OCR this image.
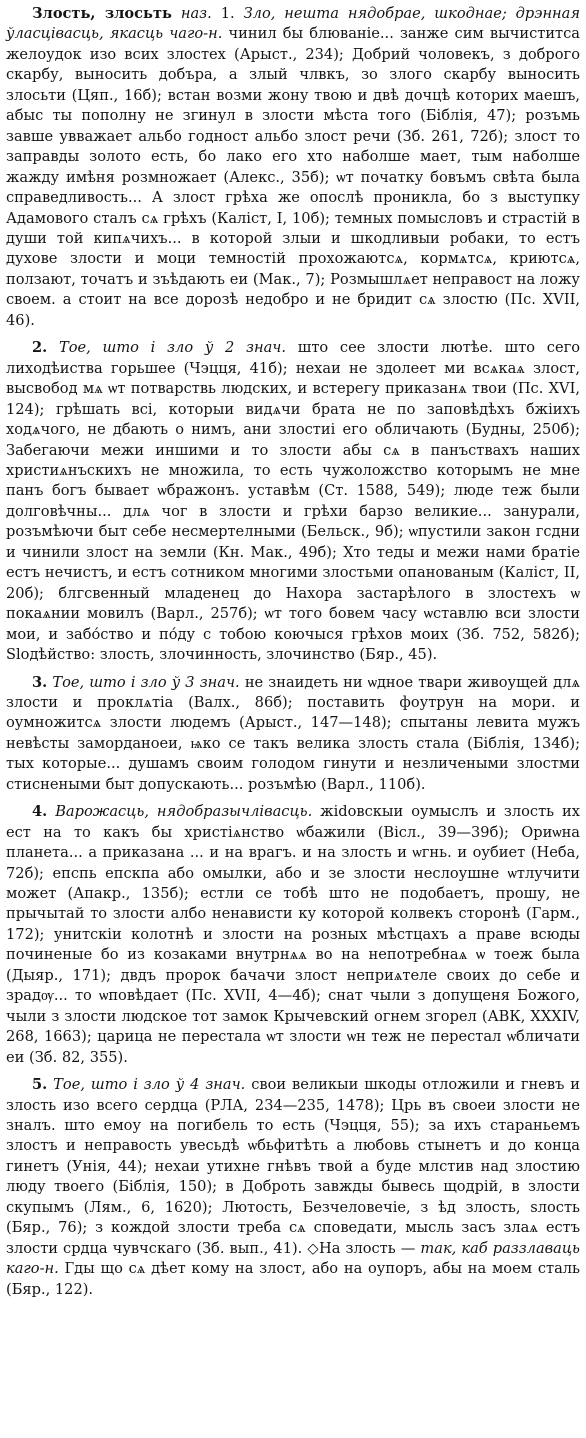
Злость, злосьть наз. 1. Зло, нешта нядобрае, шкоднае; дрэнная ўласцівасць, якасць чаго-н. чинил бы блюваніе... занже сим вычиститса желоудок изо всих злостех (Арыст., 234); Добрий чоловекъ, з доброго скарбу, выносить добъра, а злый члвкъ, зо злого скарбу выносить злосьти (Цяп., 16б); встан возми жону твою и двѣ дочцѣ которих маешъ, абыс ты пополну не згинул в злости мѣста того (Біблія, 47); розъмь завше увважает альбо годност альбо злост речи (Зб. 261, 72б); злост то заправды золото есть, бо лако его хто наболше мает, тым наболше жажду имѣня розмножает (Алекс., 35б); ѡт початку бовъмъ свѣта была справедливость... А злост грѣха же опослѣ проникла, бо з выступку Адамового сталъ сѧ грѣхъ (Каліст, I, 10б); темных помысловъ и страстій в души той кипѧчихъ... в которой злыи и шкодливыи робаки, то естъ духове злости и моци темностій прохожаютсѧ, кормѧтсѧ, криютсѧ, ползают, точатъ и зъѣдають еи (Мак., 7); Розмышлѧет неправост на ложу своем. а стоит на все дорозѣ недобро и не бридит сѧ злостю (Пс. XVII, 46).

2. Тое, што і зло ў 2 знач. што сее злости лютѣе. што сего лиходѣиства горьшее (Чэцця, 41б); нехаи не здолеет ми всѧкаѧ злост, высвобод мѧ ѡт потварствь людских, и встерегу приказанѧ твои (Пс. XVI, 124); грѣшать всі, которыи видѧчи брата не по заповѣдѣхъ бжіихъ ходѧчого, не дбають о нимъ, ани злостиі его обличають (Будны, 250б); Забегаючи межи иншими и то злости абы сѧ в панъствахъ наших христиѧнъскихъ не множила, то есть чужоложство которымъ не мне панъ богъ бывает ѡбражонъ. уставѣм (Ст. 1588, 549); люде теж были долговѣчны... длѧ чог в злости и грѣхи барзо великие... занурали, розъмѣючи быт себе несмертелными (Бельск., 9б); ѡпустили закон гсдни и чинили злост на земли (Кн. Мак., 49б); Хто теды и межи нами братіе естъ нечистъ, и естъ сотником многими злостьми опанованым (Каліст, II, 20б); блгсвенный младенец до Нахора застарѣлого в злостехъ ѡ покаѧнии мовилъ (Варл., 257б); ѡт того бовем часу ѡставлю вси злости мои, и забо́ство и по́ду с тобою коючыся грѣхов моих (Зб. 752, 582б); Slодѣйство: злость, злочинность, злочинство (Бяр., 45).

3. Тое, што і зло ў 3 знач. не знаидеть ни ѡдное твари живоущей длѧ злости и проклѧтіа (Валх., 86б); поставить фоутрун на мори. и оумножитсѧ злости людемъ (Арыст., 147—148); спытаны левита мужъ невѣсты заморданоеи, ѩко се такъ велика злость стала (Біблія, 134б); тых которые... душамъ своим голодом гинути и незличеными злостми стиснеными быт допускають... розъмѣю (Варл., 110б).

4. Варожасць, нядобразычлівасць. жidовскыи оумыслъ и злость их ест на то какъ бы христіѧнство ѡбажили (Вісл., 39—39б); Ориѡна планета... а приказана ... и на врагъ. и на злость и ѡгнь. и оубиет (Неба, 72б); епспь епскпа або омылки, або и зе злости неслоушне ѡтлучити может (Апакр., 135б); естли се тобѣ што не подобаетъ, прошу, не прычытай то злости албо ненависти ку которой колвекъ сторонѣ (Гарм., 172); унитскіи колотнѣ и злости на розных мѣстцахъ а праве всюды починеные бо из козаками внутрнѧѧ во на непотребнаѧ ѡ тоеж была (Дыяр., 171); двдъ пророк бачачи злост неприѧтеле своих до себе и зрадѹ... то ѡповѣдает (Пс. XVII, 4—4б); снат чыли з допущеня Божого, чыли з злости людское тот замок Крычевский огнем згорел (АВК, XXXIV, 268, 1663); царица не перестала ѡт злости ѡн теж не перестал ѡбличати еи (Зб. 82, 355).

5. Тое, што і зло ў 4 знач. свои великыи шкоды отложили и гневъ и злость изо всего сердца (РЛА, 234—235, 1478); Црь въ своеи злости не зналъ. што емоу на погибель то есть (Чэцця, 55); за ихъ стараньемъ злостъ и неправость увесьдѣ ѡбьфитѣть а любовь стынетъ и до конца гинетъ (Унія, 44); нехаи утихне гнѣвъ твой а буде млстив над злостию люду твоего (Біблія, 150); в Доброть завжды бывесь щодрій, в злости скупымъ (Лям., 6, 1620); Лютость, Безчеловечіе, з ѣд злость, sлость (Бяр., 76); з кождой злости треба сѧ споведати, мысль засъ злаѧ естъ злости срдца чувчскаго (Зб. вып., 41). ◇На злость — так, каб раззлаваць каго-н. Гды що сѧ дѣет кому на злост, або на оупоръ, абы на моем сталь (Бяр., 122).
